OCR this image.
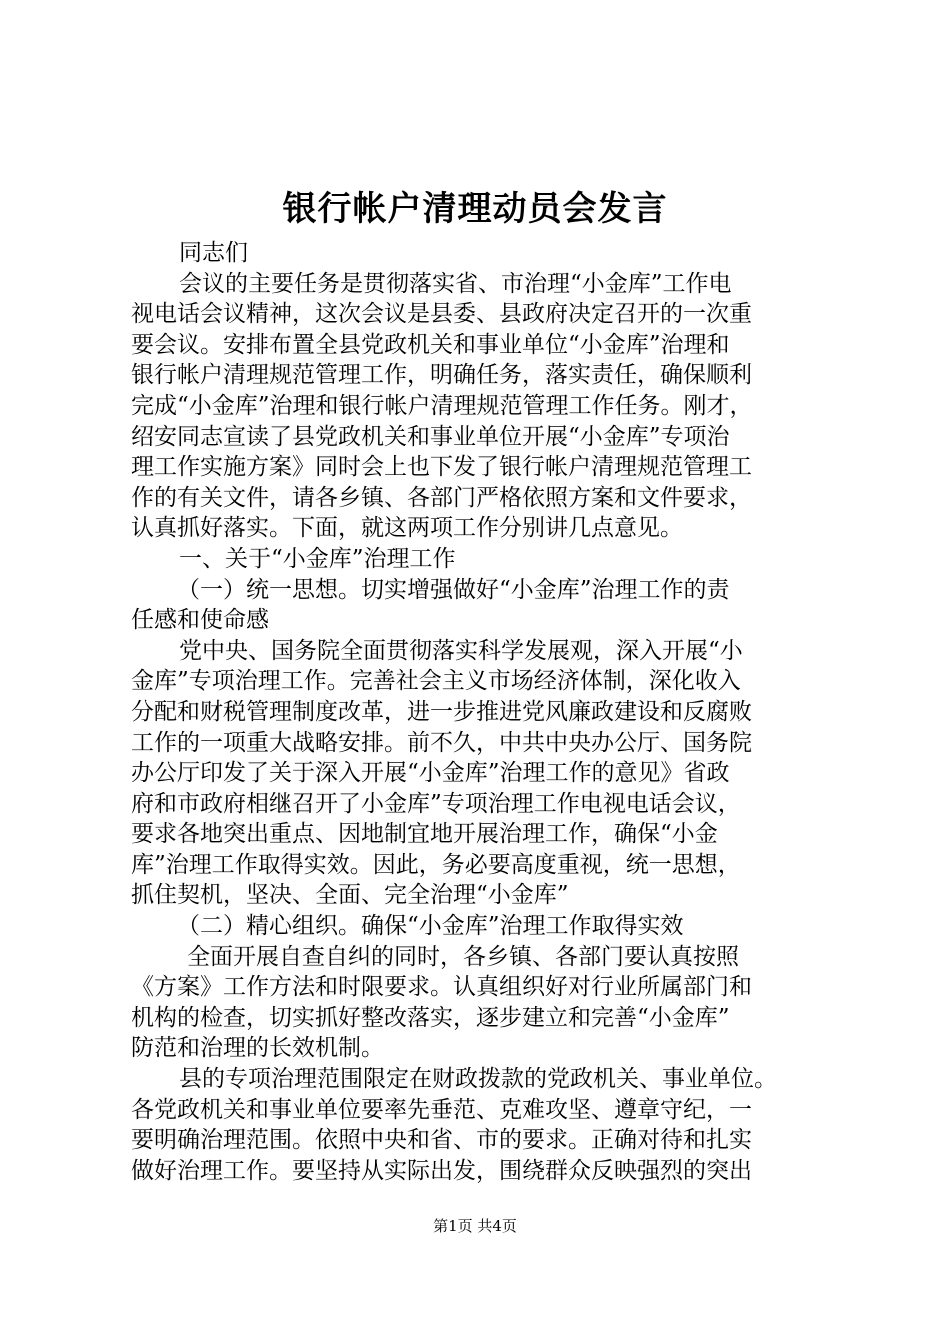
银行帐户清理动员会发言
同志们
会议的主要任务是贯彻落实省、市治理“小金库”工作电
视电话会议精神，这次会议是县委、县政府决定召开的一次重
要会议。安排布置全县党政机关和事业单位“小金库”治理和
银行帐户清理规范管理工作，明确任务，落实责任，确保顺利
完成“小金库”治理和银行帐户清理规范管理工作任务。刚才，
绍安同志宣读了县党政机关和事业单位开展“小金库”专项治
理工作实施方案》同时会上也下发了银行帐户清理规范管理工
作的有关文件，请各乡镇、各部门严格依照方案和文件要求，
认真抓好落实。下面，就这两项工作分别讲几点意见。
一、关于“小金库”治理工作
（一）统一思想。切实增强做好“小金库”治理工作的责
任感和使命感
党中央、国务院全面贯彻落实科学发展观，深入开展“小
金库”专项治理工作。完善社会主义市场经济体制，深化收入
分配和财税管理制度改革，进一步推进党风廉政建设和反腐败
工作的一项重大战略安排。前不久，中共中央办公厅、国务院
办公厅印发了关于深入开展“小金库”治理工作的意见》省政
府和市政府相继召开了小金库”专项治理工作电视电话会议，
要求各地突出重点、因地制宜地开展治理工作，确保“小金
库”治理工作取得实效。因此，务必要高度重视，统一思想，
抓住契机，坚决、全面、完全治理“小金库”
（二）精心组织。确保“小金库”治理工作取得实效
全面开展自查自纠的同时，各乡镇、各部门要认真按照
《方案》工作方法和时限要求。认真组织好对行业所属部门和
机构的检查，切实抓好整改落实，逐步建立和完善“小金库”
防范和治理的长效机制。
县的专项治理范围限定在财政拨款的党政机关、事业单位。
各党政机关和事业单位要率先垂范、克难攻坚、遵章守纪，一
要明确治理范围。依照中央和省、市的要求。正确对待和扎实
做好治理工作。要坚持从实际出发，围绕群众反映强烈的突出
第1页 共4页
